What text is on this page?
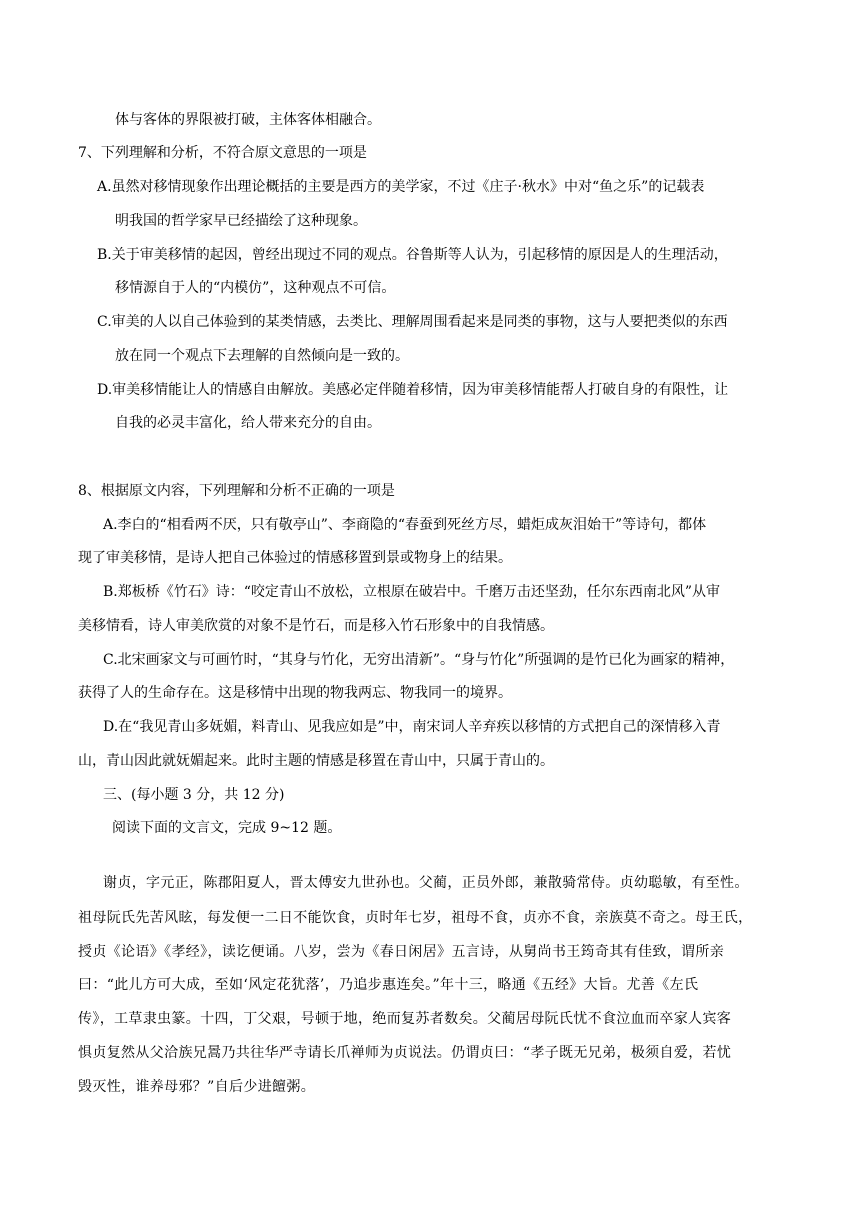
体与客体的界限被打破，主体客体相融合。
7、下列理解和分析，不符合原文意思的一项是
A.虽然对移情现象作出理论概括的主要是西方的美学家，不过《庄子·秋水》中对“鱼之乐”的记载表
明我国的哲学家早已经描绘了这种现象。
B.关于审美移情的起因，曾经出现过不同的观点。谷鲁斯等人认为，引起移情的原因是人的生理活动，
移情源自于人的“内模仿”，这种观点不可信。
C.审美的人以自己体验到的某类情感，去类比、理解周围看起来是同类的事物，这与人要把类似的东西
放在同一个观点下去理解的自然倾向是一致的。
D.审美移情能让人的情感自由解放。美感必定伴随着移情，因为审美移情能帮人打破自身的有限性，让
自我的必灵丰富化，给人带来充分的自由。
8、根据原文内容，下列理解和分析不正确的一项是
A.李白的“相看两不厌，只有敬亭山”、李商隐的“春蚕到死丝方尽，蜡炬成灰泪始干”等诗句，都体
现了审美移情，是诗人把自己体验过的情感移置到景或物身上的结果。
B.郑板桥《竹石》诗：“咬定青山不放松，立根原在破岩中。千磨万击还坚劲，任尔东西南北风”从审
美移情看，诗人审美欣赏的对象不是竹石，而是移入竹石形象中的自我情感。
C.北宋画家文与可画竹时，“其身与竹化，无穷出清新”。“身与竹化”所强调的是竹已化为画家的精神，
获得了人的生命存在。这是移情中出现的物我两忘、物我同一的境界。
D.在“我见青山多妩媚，料青山、见我应如是”中，南宋词人辛弃疾以移情的方式把自己的深情移入青
山，青山因此就妩媚起来。此时主题的情感是移置在青山中，只属于青山的。
三、(每小题 3 分，共 12 分)
阅读下面的文言文，完成 9~12 题。
谢贞，字元正，陈郡阳夏人，晋太傅安九世孙也。父蔺，正员外郎，兼散骑常侍。贞幼聪敏，有至性。
祖母阮氏先苦风眩，每发便一二日不能饮食，贞时年七岁，祖母不食，贞亦不食，亲族莫不奇之。母王氏，
授贞《论语》《孝经》，读讫便诵。八岁，尝为《春日闲居》五言诗，从舅尚书王筠奇其有佳致，谓所亲
曰：“此儿方可大成，至如‘风定花犹落’，乃追步惠连矣。”年十三，略通《五经》大旨。尤善《左氏
传》，工草隶虫篆。十四，丁父艰，号顿于地，绝而复苏者数矣。父蔺居母阮氏忧不食泣血而卒家人宾客
惧贞复然从父洽族兄暠乃共往华严寺请长爪禅师为贞说法。仍谓贞曰：“孝子既无兄弟，极须自爱，若忧
毁灭性，谁养母邪？”自后少进饘粥。
